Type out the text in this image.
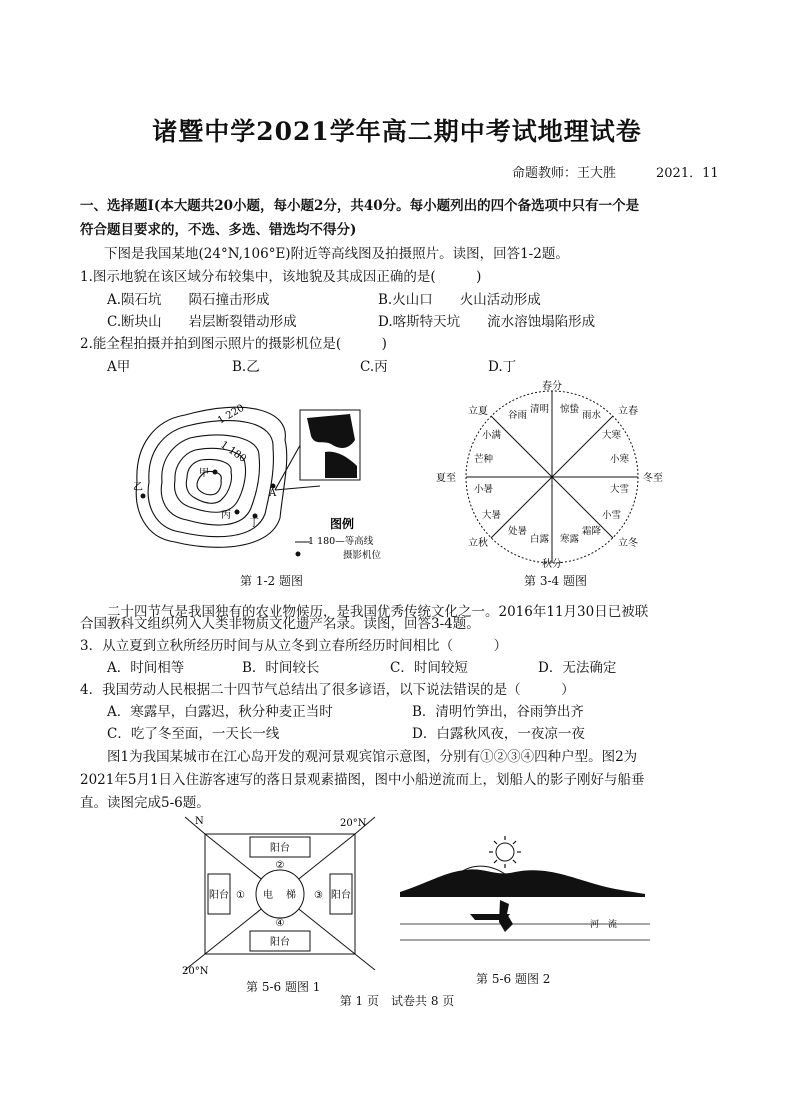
诸暨中学2021学年高二期中考试地理试卷
命题教师：王大胜	2021．11
一、选择题Ⅰ(本大题共20小题，每小题2分，共40分。每小题列出的四个备选项中只有一个是
符合题目要求的，不选、多选、错选均不得分)
下图是我国某地(24°N,106°E)附近等高线图及拍摄照片。读图，回答1-2题。
1.图示地貌在该区域分布较集中，该地貌及其成因正确的是(　　　)
A.陨石坑　　陨石撞击形成	B.火山口　　火山活动形成
C.断块山　　岩层断裂错动形成	D.喀斯特天坑　　流水溶蚀塌陷形成
2.能全程拍摄并拍到图示照片的摄影机位是(　　　)
A甲	B.乙	C.丙	D.丁
1 220
1 180
甲
乙
丙
丁
A
图例
1 180—等高线
摄影机位
第 1-2 题图
春分
秋分
夏至	冬至
立夏	立春
立秋	立冬
谷雨
清明 惊蛰
雨水
大寒
小寒
大雪
小雪
霜降
寒露
白露
处暑
大暑
小暑
芒种
小满
第 3-4 题图
二十四节气是我国独有的农业物候历，是我国优秀传统文化之一。2016年11月30日已被联
合国教科文组织列入人类非物质文化遗产名录。读图，回答3-4题。
3．从立夏到立秋所经历时间与从立冬到立春所经历时间相比（　　　）
A．时间相等	B．时间较长	C．时间较短	D．无法确定
4．我国劳动人民根据二十四节气总结出了很多谚语，以下说法错误的是（　　　）
A．寒露早，白露迟，秋分种麦正当时	B．清明竹笋出，谷雨笋出齐
C．吃了冬至面，一天长一线	D．白露秋风夜，一夜凉一夜
图1为我国某城市在江心岛开发的观河景观宾馆示意图，分别有①②③④四种户型。图2为
2021年5月1日入住游客速写的落日景观素描图，图中小船逆流而上，划船人的影子刚好与船垂
直。读图完成5-6题。
N	20°N
20°N
阳台
阳台
阳台	阳台
①
②
③
④
电 梯
第 5-6 题图 1
河　流
第 5-6 题图 2
第 1 页　试卷共 8 页
